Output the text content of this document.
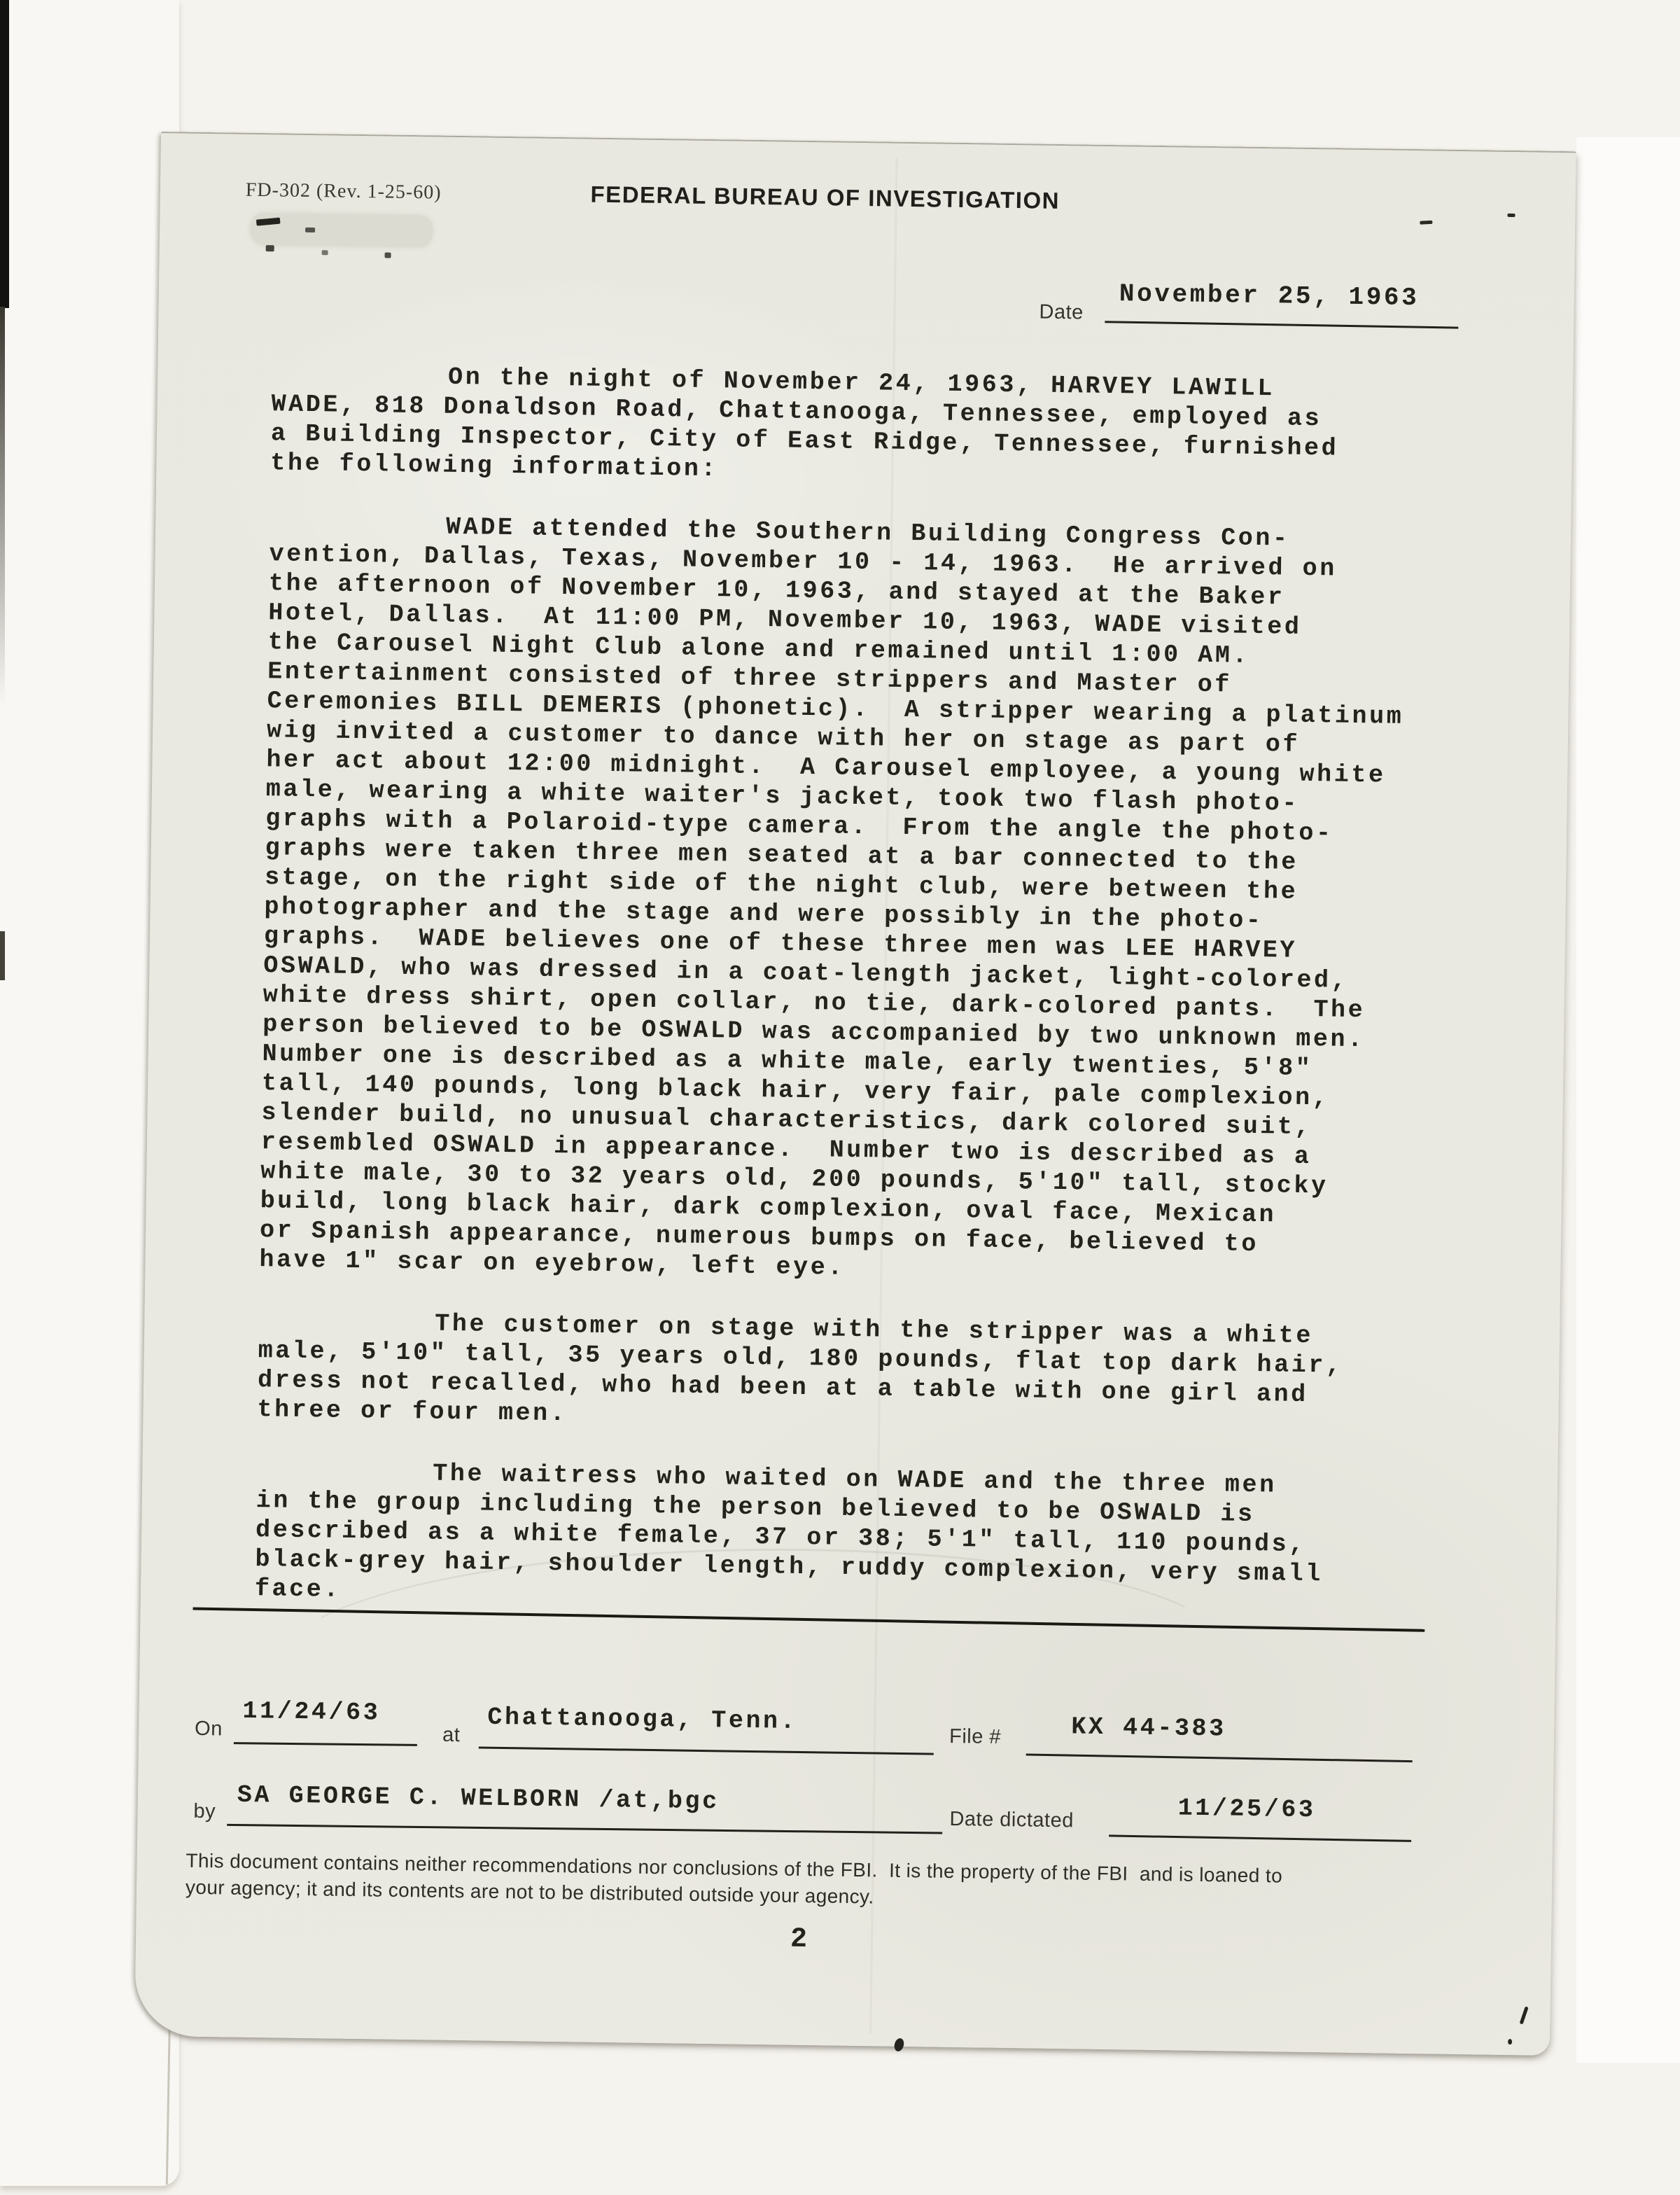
FD-302 (Rev. 1-25-60)	FEDERAL BUREAU OF INVESTIGATION
Date November 25, 1963

On the night of November 24, 1963, HARVEY LAWILL
WADE, 818 Donaldson Road, Chattanooga, Tennessee, employed as
a Building Inspector, City of East Ridge, Tennessee, furnished
the following information:

WADE attended the Southern Building Congress Con-
vention, Dallas, Texas, November 10 - 14, 1963.  He arrived on
the afternoon of November 10, 1963, and stayed at the Baker
Hotel, Dallas.  At 11:00 PM, November 10, 1963, WADE visited
the Carousel Night Club alone and remained until 1:00 AM.
Entertainment consisted of three strippers and Master of
Ceremonies BILL DEMERIS (phonetic).  A stripper wearing a platinum
wig invited a customer to dance with her on stage as part of
her act about 12:00 midnight.  A Carousel employee, a young white
male, wearing a white waiter's jacket, took two flash photo-
graphs with a Polaroid-type camera.  From the angle the photo-
graphs were taken three men seated at a bar connected to the
stage, on the right side of the night club, were between the
photographer and the stage and were possibly in the photo-
graphs.  WADE believes one of these three men was LEE HARVEY
OSWALD, who was dressed in a coat-length jacket, light-colored,
white dress shirt, open collar, no tie, dark-colored pants.  The
person believed to be OSWALD was accompanied by two unknown men.
Number one is described as a white male, early twenties, 5'8"
tall, 140 pounds, long black hair, very fair, pale complexion,
slender build, no unusual characteristics, dark colored suit,
resembled OSWALD in appearance.  Number two is described as a
white male, 30 to 32 years old, 200 pounds, 5'10" tall, stocky
build, long black hair, dark complexion, oval face, Mexican
or Spanish appearance, numerous bumps on face, believed to
have 1" scar on eyebrow, left eye.

The customer on stage with the stripper was a white
male, 5'10" tall, 35 years old, 180 pounds, flat top dark hair,
dress not recalled, who had been at a table with one girl and
three or four men.

The waitress who waited on WADE and the three men
in the group including the person believed to be OSWALD is
described as a white female, 37 or 38; 5'1" tall, 110 pounds,
black-grey hair, shoulder length, ruddy complexion, very small
face.

On
11/24/63
at Chattanooga, Tenn.
File #	KX 44-383
by SA GEORGE C. WELBORN /at,bgc
Date dictated	11/25/63
This document contains neither recommendations nor conclusions of the FBI.  It is the property of the FBI  and is loaned to
your agency; it and its contents are not to be distributed outside your agency.
2
